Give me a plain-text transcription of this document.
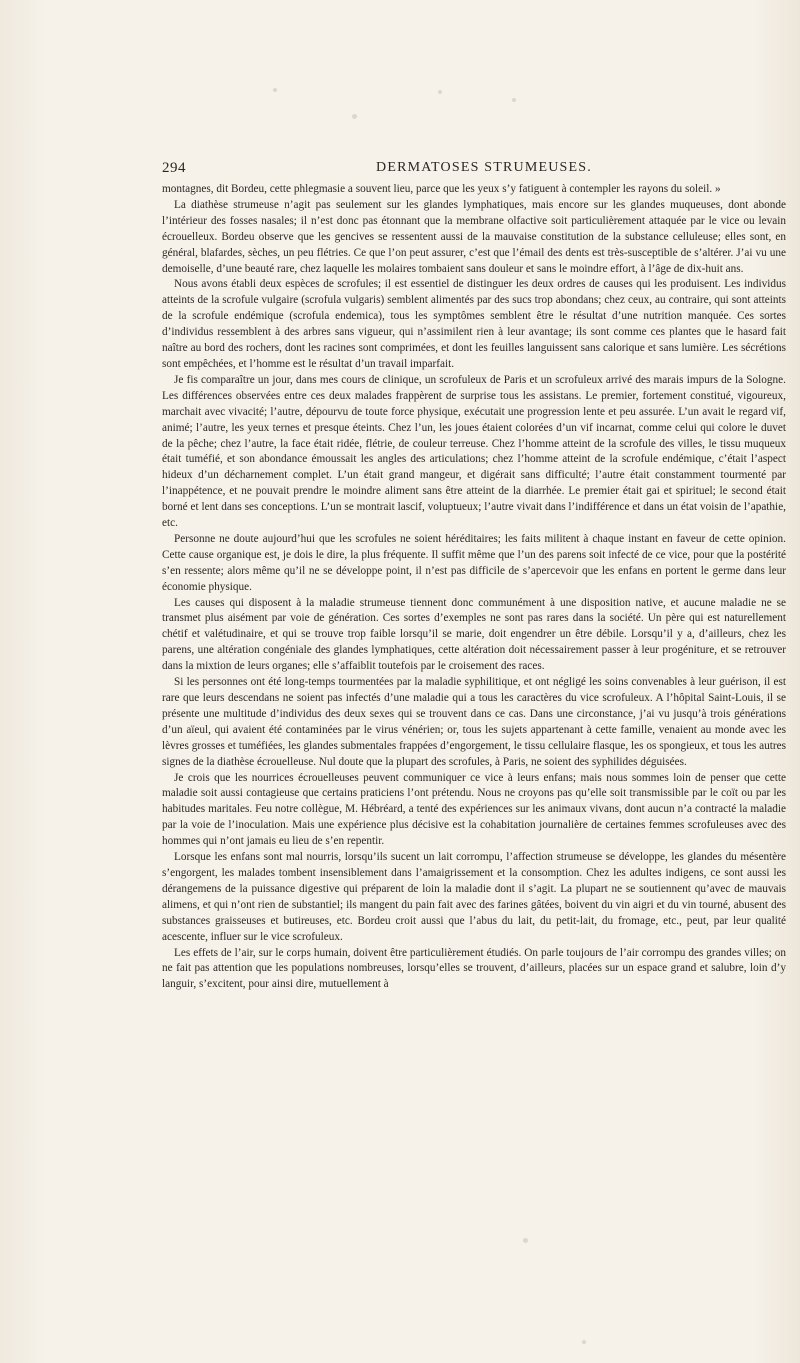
294	DERMATOSES STRUMEUSES.

montagnes, dit Bordeu, cette phlegmasie a souvent lieu, parce que les yeux s’y fatiguent à contempler les rayons du soleil. »

La diathèse strumeuse n’agit pas seulement sur les glandes lymphatiques, mais encore sur les glandes muqueuses, dont abonde l’intérieur des fosses nasales; il n’est donc pas étonnant que la membrane olfactive soit particulièrement attaquée par le vice ou levain écrouelleux. Bordeu observe que les gencives se ressentent aussi de la mauvaise constitution de la substance celluleuse; elles sont, en général, blafardes, sèches, un peu flétries. Ce que l’on peut assurer, c’est que l’émail des dents est très-susceptible de s’altérer. J’ai vu une demoiselle, d’une beauté rare, chez laquelle les molaires tombaient sans douleur et sans le moindre effort, à l’âge de dix-huit ans.

Nous avons établi deux espèces de scrofules; il est essentiel de distinguer les deux ordres de causes qui les produisent. Les individus atteints de la scrofule vulgaire (scrofula vulgaris) semblent alimentés par des sucs trop abondans; chez ceux, au contraire, qui sont atteints de la scrofule endémique (scrofula endemica), tous les symptômes semblent être le résultat d’une nutrition manquée. Ces sortes d’individus ressemblent à des arbres sans vigueur, qui n’assimilent rien à leur avantage; ils sont comme ces plantes que le hasard fait naître au bord des rochers, dont les racines sont comprimées, et dont les feuilles languissent sans calorique et sans lumière. Les sécrétions sont empêchées, et l’homme est le résultat d’un travail imparfait.

Je fis comparaître un jour, dans mes cours de clinique, un scrofuleux de Paris et un scrofuleux arrivé des marais impurs de la Sologne. Les différences observées entre ces deux malades frappèrent de surprise tous les assistans. Le premier, fortement constitué, vigoureux, marchait avec vivacité; l’autre, dépourvu de toute force physique, exécutait une progression lente et peu assurée. L’un avait le regard vif, animé; l’autre, les yeux ternes et presque éteints. Chez l’un, les joues étaient colorées d’un vif incarnat, comme celui qui colore le duvet de la pêche; chez l’autre, la face était ridée, flétrie, de couleur terreuse. Chez l’homme atteint de la scrofule des villes, le tissu muqueux était tuméfié, et son abondance émoussait les angles des articulations; chez l’homme atteint de la scrofule endémique, c’était l’aspect hideux d’un décharnement complet. L’un était grand mangeur, et digérait sans difficulté; l’autre était constamment tourmenté par l’inappétence, et ne pouvait prendre le moindre aliment sans être atteint de la diarrhée. Le premier était gai et spirituel; le second était borné et lent dans ses conceptions. L’un se montrait lascif, voluptueux; l’autre vivait dans l’indifférence et dans un état voisin de l’apathie, etc.

Personne ne doute aujourd’hui que les scrofules ne soient héréditaires; les faits militent à chaque instant en faveur de cette opinion. Cette cause organique est, je dois le dire, la plus fréquente. Il suffit même que l’un des parens soit infecté de ce vice, pour que la postérité s’en ressente; alors même qu’il ne se développe point, il n’est pas difficile de s’apercevoir que les enfans en portent le germe dans leur économie physique.

Les causes qui disposent à la maladie strumeuse tiennent donc communément à une disposition native, et aucune maladie ne se transmet plus aisément par voie de génération. Ces sortes d’exemples ne sont pas rares dans la société. Un père qui est naturellement chétif et valétudinaire, et qui se trouve trop faible lorsqu’il se marie, doit engendrer un être débile. Lorsqu’il y a, d’ailleurs, chez les parens, une altération congéniale des glandes lymphatiques, cette altération doit nécessairement passer à leur progéniture, et se retrouver dans la mixtion de leurs organes; elle s’affaiblit toutefois par le croisement des races.

Si les personnes ont été long-temps tourmentées par la maladie syphilitique, et ont négligé les soins convenables à leur guérison, il est rare que leurs descendans ne soient pas infectés d’une maladie qui a tous les caractères du vice scrofuleux. A l’hôpital Saint-Louis, il se présente une multitude d’individus des deux sexes qui se trouvent dans ce cas. Dans une circonstance, j’ai vu jusqu’à trois générations d’un aïeul, qui avaient été contaminées par le virus vénérien; or, tous les sujets appartenant à cette famille, venaient au monde avec les lèvres grosses et tuméfiées, les glandes submentales frappées d’engorgement, le tissu cellulaire flasque, les os spongieux, et tous les autres signes de la diathèse écrouelleuse. Nul doute que la plupart des scrofules, à Paris, ne soient des syphilides déguisées.

Je crois que les nourrices écrouelleuses peuvent communiquer ce vice à leurs enfans; mais nous sommes loin de penser que cette maladie soit aussi contagieuse que certains praticiens l’ont prétendu. Nous ne croyons pas qu’elle soit transmissible par le coït ou par les habitudes maritales. Feu notre collègue, M. Hébréard, a tenté des expériences sur les animaux vivans, dont aucun n’a contracté la maladie par la voie de l’inoculation. Mais une expérience plus décisive est la cohabitation journalière de certaines femmes scrofuleuses avec des hommes qui n’ont jamais eu lieu de s’en repentir.

Lorsque les enfans sont mal nourris, lorsqu’ils sucent un lait corrompu, l’affection strumeuse se développe, les glandes du mésentère s’engorgent, les malades tombent insensiblement dans l’amaigrissement et la consomption. Chez les adultes indigens, ce sont aussi les dérangemens de la puissance digestive qui préparent de loin la maladie dont il s’agit. La plupart ne se soutiennent qu’avec de mauvais alimens, et qui n’ont rien de substantiel; ils mangent du pain fait avec des farines gâtées, boivent du vin aigri et du vin tourné, abusent des substances graisseuses et butireuses, etc. Bordeu croit aussi que l’abus du lait, du petit-lait, du fromage, etc., peut, par leur qualité acescente, influer sur le vice scrofuleux.

Les effets de l’air, sur le corps humain, doivent être particulièrement étudiés. On parle toujours de l’air corrompu des grandes villes; on ne fait pas attention que les populations nombreuses, lorsqu’elles se trouvent, d’ailleurs, placées sur un espace grand et salubre, loin d’y languir, s’excitent, pour ainsi dire, mutuellement à
